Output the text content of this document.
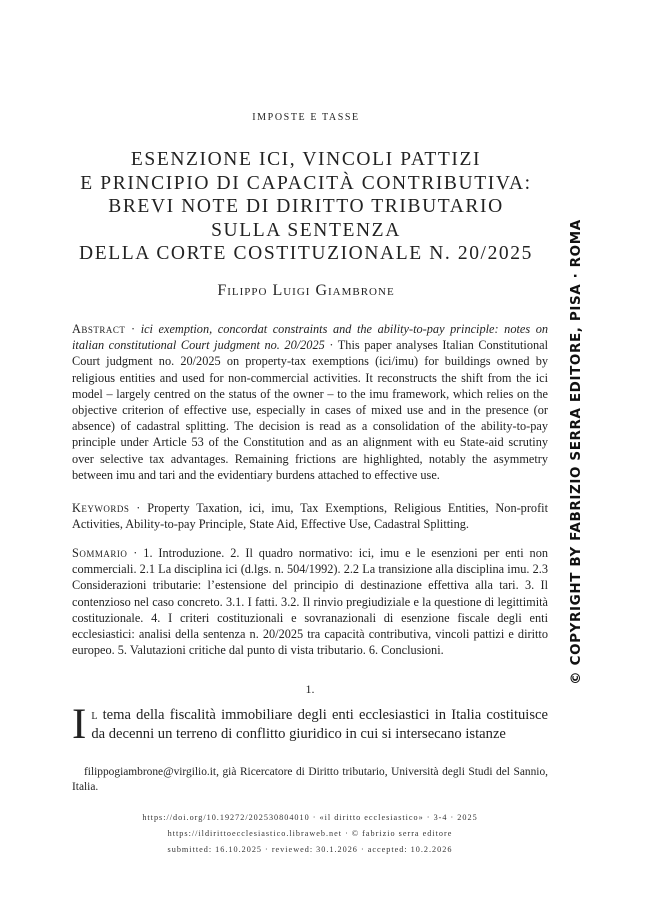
IMPOSTE E TASSE
ESENZIONE ICI, VINCOLI PATTIZI
E PRINCIPIO DI CAPACITÀ CONTRIBUTIVA:
BREVI NOTE DI DIRITTO TRIBUTARIO
SULLA SENTENZA
DELLA CORTE COSTITUZIONALE N. 20/2025
Filippo Luigi Giambrone

Abstract · ici exemption, concordat constraints and the ability-to-pay principle: notes on italian constitutional Court judgment no. 20/2025 · This paper analyses Italian Constitutional Court judgment no. 20/2025 on property-tax exemptions (ici/imu) for buildings owned by religious entities and used for non-commercial activities. It reconstructs the shift from the ici model – largely centred on the status of the owner – to the imu framework, which relies on the objective criterion of effective use, especially in cases of mixed use and in the presence (or absence) of cadastral splitting. The decision is read as a consolidation of the ability-to-pay principle under Article 53 of the Constitution and as an alignment with eu State-aid scrutiny over selective tax advantages. Remaining frictions are highlighted, notably the asymmetry between imu and tari and the evidentiary burdens attached to effective use.

Keywords · Property Taxation, ici, imu, Tax Exemptions, Religious Entities, Non-profit Activities, Ability-to-pay Principle, State Aid, Effective Use, Cadastral Splitting.

Sommario · 1. Introduzione. 2. Il quadro normativo: ici, imu e le esenzioni per enti non commerciali. 2.1 La disciplina ici (d.lgs. n. 504/1992). 2.2 La transizione alla disciplina imu. 2.3 Considerazioni tributarie: l’estensione del principio di destinazione effettiva alla tari. 3. Il contenzioso nel caso concreto. 3.1. I fatti. 3.2. Il rinvio pregiudiziale e la questione di legittimità costituzionale. 4. I criteri costituzionali e sovranazionali di esenzione fiscale degli enti ecclesiastici: analisi della sentenza n. 20/2025 tra capacità contributiva, vincoli pattizi e diritto europeo. 5. Valutazioni critiche dal punto di vista tributario. 6. Conclusioni.

1.

Il tema della fiscalità immobiliare degli enti ecclesiastici in Italia costituisce da decenni un terreno di conflitto giuridico in cui si intersecano istanze

filippogiambrone@virgilio.it, già Ricercatore di Diritto tributario, Università degli Studi del Sannio, Italia.

https://doi.org/10.19272/202530804010 · «il diritto ecclesiastico» · 3-4 · 2025
https://ildirittoecclesiastico.libraweb.net · © fabrizio serra editore
submitted: 16.10.2025 · reviewed: 30.1.2026 · accepted: 10.2.2026
© COPYRIGHT BY FABRIZIO SERRA EDITORE, PISA · ROMA
